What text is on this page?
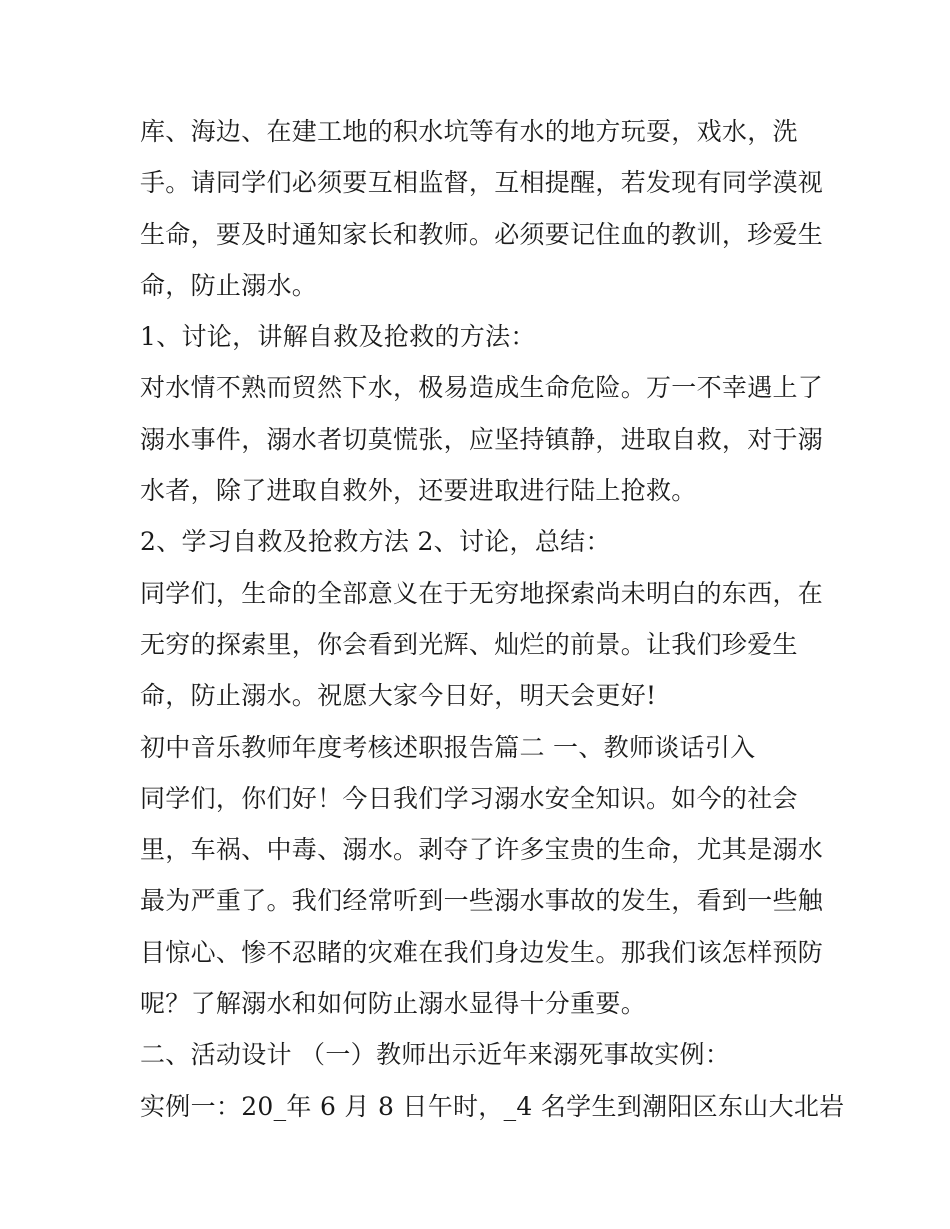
库、海边、在建工地的积水坑等有水的地方玩耍，戏水，洗
手。请同学们必须要互相监督，互相提醒，若发现有同学漠视
生命，要及时通知家长和教师。必须要记住血的教训，珍爱生
命，防止溺水。
1、讨论，讲解自救及抢救的方法：
对水情不熟而贸然下水，极易造成生命危险。万一不幸遇上了
溺水事件，溺水者切莫慌张，应坚持镇静，进取自救，对于溺
水者，除了进取自救外，还要进取进行陆上抢救。
2、学习自救及抢救方法 2、讨论，总结：
同学们，生命的全部意义在于无穷地探索尚未明白的东西，在
无穷的探索里，你会看到光辉、灿烂的前景。让我们珍爱生
命，防止溺水。祝愿大家今日好，明天会更好!
初中音乐教师年度考核述职报告篇二 一、教师谈话引入
同学们，你们好！今日我们学习溺水安全知识。如今的社会
里，车祸、中毒、溺水。剥夺了许多宝贵的生命，尤其是溺水
最为严重了。我们经常听到一些溺水事故的发生，看到一些触
目惊心、惨不忍睹的灾难在我们身边发生。那我们该怎样预防
呢？了解溺水和如何防止溺水显得十分重要。
二、活动设计 （一）教师出示近年来溺死事故实例：
实例一：20_年 6 月 8 日午时，_4 名学生到潮阳区东山大北岩
